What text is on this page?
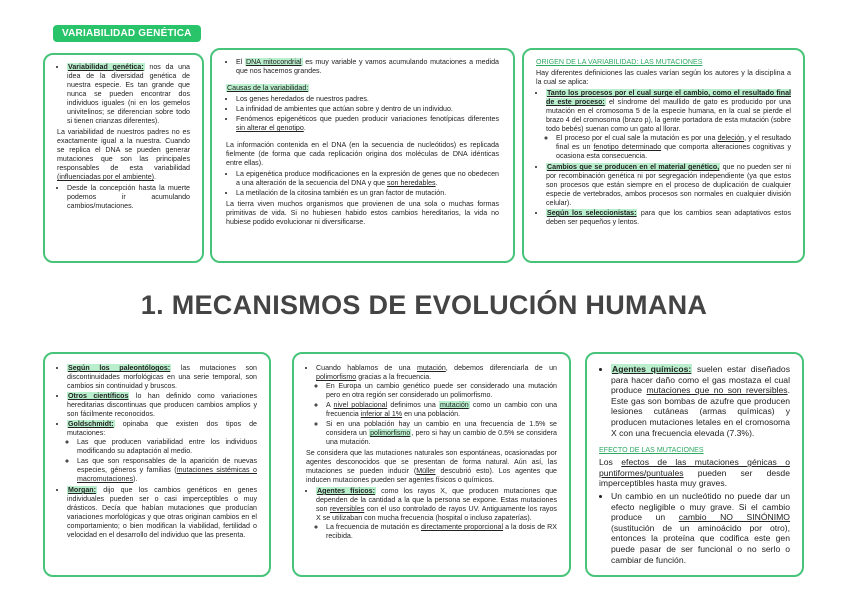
VARIABILIDAD GENÉTICA
• Variabilidad genética: nos da una idea de la diversidad genética de nuestra especie. Es tan grande que nunca se pueden encontrar dos individuos iguales (ni en los gemelos univitelinos; se diferencian sobre todo si tienen crianzas diferentes).

La variabilidad de nuestros padres no es exactamente igual a la nuestra. Cuando se replica el DNA se pueden generar mutaciones que son las principales responsables de esta variabilidad (influenciadas por el ambiente).

• Desde la concepción hasta la muerte podemos ir acumulando cambios/mutaciones.
• El DNA mitocondrial es muy variable y vamos acumulando mutaciones a medida que nos hacemos grandes.

Causas de la variabilidad:

• Los genes heredados de nuestros padres.
• La infinidad de ambientes que actúan sobre y dentro de un individuo.
• Fenómenos epigenéticos que pueden producir variaciones fenotípicas diferentes sin alterar el genotipo.

La información contenida en el DNA (en la secuencia de nucleótidos) es replicada fielmente (de forma que cada replicación origina dos moléculas de DNA idénticas entre ellas).

• La epigenética produce modificaciones en la expresión de genes que no obedecen a una alteración de la secuencia del DNA y que son heredables.
• La metilación de la citosina también es un gran factor de mutación.

La tierra viven muchos organismos que provienen de una sola o muchas formas primitivas de vida. Si no hubiesen habido estos cambios hereditarios, la vida no hubiese podido evolucionar ni diversificarse.

ORIGEN DE LA VARIABILIDAD: LAS MUTACIONES

Hay diferentes definiciones las cuales varían según los autores y la disciplina a la cual se aplica:

• Tanto los procesos por el cual surge el cambio, como el resultado final de este proceso: el síndrome del maullido de gato es producido por una mutación en el cromosoma 5 de la especie humana, en la cual se pierde el brazo 4 del cromosoma (brazo p), la gente portadora de esta mutación (sobre todo bebés) suenan como un gato al llorar.
◦ El proceso por el cual sale la mutación es por una deleción, y el resultado final es un fenotipo determinado que comporta alteraciones cognitivas y ocasiona esta consecuencia.
• Cambios que se producen en el material genético, que no pueden ser ni por recombinación genética ni por segregación independiente (ya que estos son procesos que están siempre en el proceso de duplicación de cualquier especie de vertebrados, ambos procesos son normales en cualquier división celular).
• Según los seleccionistas: para que los cambios sean adaptativos estos deben ser pequeños y lentos.
1. MECANISMOS DE EVOLUCIÓN HUMANA
• Según los paleontólogos: las mutaciones son discontinuidades morfológicas en una serie temporal, son cambios sin continuidad y bruscos.
• Otros científicos lo han definido como variaciones hereditarias discontinuas que producen cambios amplios y son fácilmente reconocidos.
• Goldschmidt: opinaba que existen dos tipos de mutaciones:
◦ Las que producen variabilidad entre los individuos modificando su adaptación al medio.
◦ Las que son responsables de la aparición de nuevas especies, géneros y familias (mutaciones sistémicas o macromutaciones).
• Morgan: dijo que los cambios genéticos en genes individuales pueden ser o casi imperceptibles o muy drásticos. Decía que habían mutaciones que producían variaciones morfológicas y que otras originan cambios en el comportamiento; o bien modifican la viabilidad, fertilidad o velocidad en el desarrollo del individuo que las presenta.
• Cuando hablamos de una mutación, debemos diferenciarla de un polimorfismo gracias a la frecuencia.
◦ En Europa un cambio genético puede ser considerado una mutación pero en otra región ser considerado un polimorfismo.
◦ A nivel poblacional definimos una mutación como un cambio con una frecuencia inferior al 1% en una población.
◦ Si en una población hay un cambio en una frecuencia de 1.5% se considera un polimorfismo, pero si hay un cambio de 0.5% se considera una mutación.

Se considera que las mutaciones naturales son espontáneas, ocasionadas por agentes desconocidos que se presentan de forma natural. Aún así, las mutaciones se pueden inducir (Müller descubrió esto). Los agentes que inducen mutaciones pueden ser agentes físicos o químicos.

• Agentes físicos: como los rayos X, que producen mutaciones que dependen de la cantidad a la que la persona se expone. Estas mutaciones son reversibles con el uso controlado de rayos UV. Antiguamente los rayos X se utilizaban con mucha frecuencia (hospital o incluso zapaterías).
◦ La frecuencia de mutación es directamente proporcional a la dosis de RX recibida.
• Agentes químicos: suelen estar diseñados para hacer daño como el gas mostaza el cual produce mutaciones que no son reversibles. Este gas son bombas de azufre que producen lesiones cutáneas (armas químicas) y producen mutaciones letales en el cromosoma X con una frecuencia elevada (7.3%).

EFECTO DE LAS MUTACIONES

Los efectos de las mutaciones génicas o puntiformes/puntuales pueden ser desde imperceptibles hasta muy graves.

• Un cambio en un nucleótido no puede dar un efecto negligible o muy grave. Si el cambio produce un cambio NO SINÓNIMO (sustitución de un aminoácido por otro), entonces la proteína que codifica este gen puede pasar de ser funcional o no serlo o cambiar de función.
